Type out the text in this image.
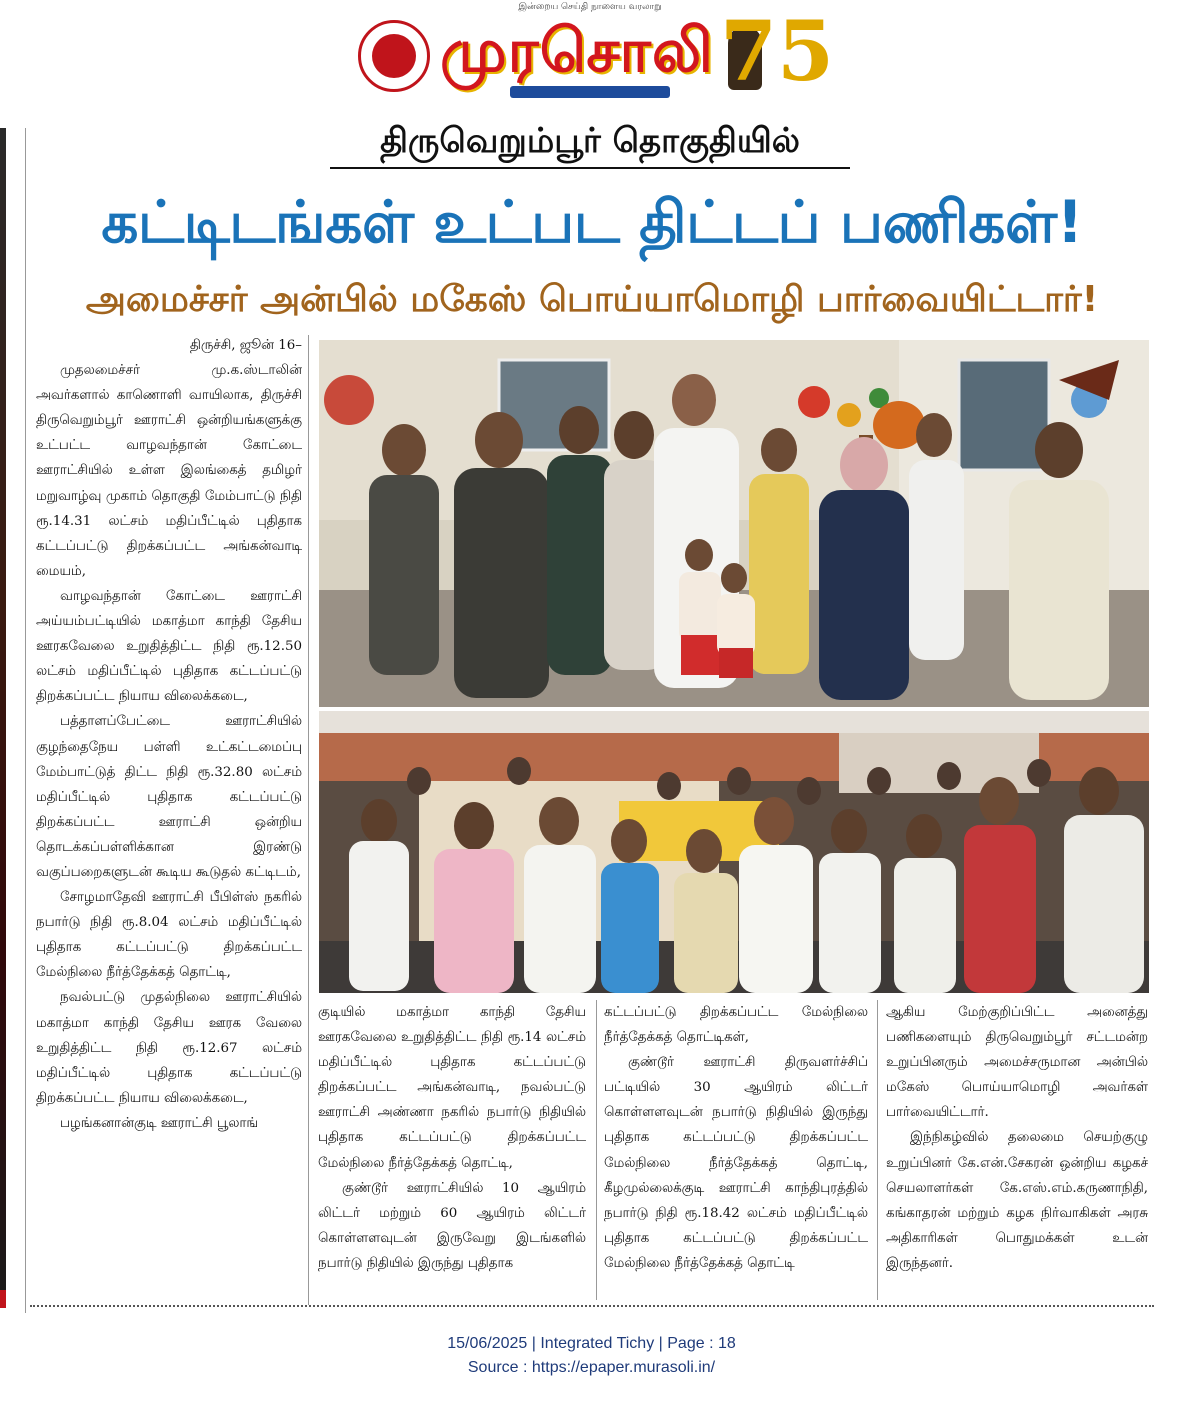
இன்றைய செய்தி நாளைய வரலாறு
முரசொலி 75
திருவெறும்பூர் தொகுதியில்
கட்டிடங்கள் உட்பட திட்டப் பணிகள்!
அமைச்சர் அன்பில் மகேஸ் பொய்யாமொழி பார்வையிட்டார்!

திருச்சி, ஜூன் 16–

முதலமைச்சர் மு.க.ஸ்டாலின் அவர்களால் காணொளி வாயிலாக, திருச்சி திருவெறும்பூர் ஊராட்சி ஒன்றியங்களுக்கு உட்பட்ட வாழவந்தான் கோட்டை ஊராட்சியில் உள்ள இலங்கைத் தமிழர் மறுவாழ்வு முகாம் தொகுதி மேம்பாட்டு நிதி ரூ.14.31 லட்சம் மதிப்பீட்டில் புதிதாக கட்டப்பட்டு திறக்கப்பட்ட அங்கன்வாடி மையம்,

வாழவந்தான் கோட்டை ஊராட்சி அய்யம்பட்டியில் மகாத்மா காந்தி தேசிய ஊரகவேலை உறுதித்திட்ட நிதி ரூ.12.50 லட்சம் மதிப்பீட்டில் புதிதாக கட்டப்பட்டு திறக்கப்பட்ட நியாய விலைக்கடை,

பத்தாளப்பேட்டை ஊராட்சியில் குழந்தைநேய பள்ளி உட்கட்டமைப்பு மேம்பாட்டுத் திட்ட நிதி ரூ.32.80 லட்சம் மதிப்பீட்டில் புதிதாக கட்டப்பட்டு திறக்கப்பட்ட ஊராட்சி ஒன்றிய தொடக்கப்பள்ளிக்கான இரண்டு வகுப்பறைகளுடன் கூடிய கூடுதல் கட்டிடம்,

சோழமாதேவி ஊராட்சி பீபிள்ஸ் நகரில் நபார்டு நிதி ரூ.8.04 லட்சம் மதிப்பீட்டில் புதிதாக கட்டப்பட்டு திறக்கப்பட்ட மேல்நிலை நீர்த்தேக்கத் தொட்டி,

நவல்பட்டு முதல்நிலை ஊராட்சியில் மகாத்மா காந்தி தேசிய ஊரக வேலை உறுதித்திட்ட நிதி ரூ.12.67 லட்சம் மதிப்பீட்டில் புதிதாக கட்டப்பட்டு திறக்கப்பட்ட நியாய விலைக்கடை,

பழங்கனான்குடி ஊராட்சி பூலாங்

குடியில் மகாத்மா காந்தி தேசிய ஊரகவேலை உறுதித்திட்ட நிதி ரூ.14 லட்சம் மதிப்பீட்டில் புதிதாக கட்டப்பட்டு திறக்கப்பட்ட அங்கன்வாடி, நவல்பட்டு ஊராட்சி அண்ணா நகரில் நபார்டு நிதியில் புதிதாக கட்டப்பட்டு திறக்கப்பட்ட மேல்நிலை நீர்த்தேக்கத் தொட்டி,

குண்டூர் ஊராட்சியில் 10 ஆயிரம் லிட்டர் மற்றும் 60 ஆயிரம் லிட்டர் கொள்ளளவுடன் இருவேறு இடங்களில் நபார்டு நிதியில் இருந்து புதிதாக

கட்டப்பட்டு திறக்கப்பட்ட மேல்நிலை நீர்த்தேக்கத் தொட்டிகள்,

குண்டூர் ஊராட்சி திருவளர்ச்சிப் பட்டியில் 30 ஆயிரம் லிட்டர் கொள்ளளவுடன் நபார்டு நிதியில் இருந்து புதிதாக கட்டப்பட்டு திறக்கப்பட்ட மேல்நிலை நீர்த்தேக்கத் தொட்டி, கீழமுல்லைக்குடி ஊராட்சி காந்திபுரத்தில் நபார்டு நிதி ரூ.18.42 லட்சம் மதிப்பீட்டில் புதிதாக கட்டப்பட்டு திறக்கப்பட்ட மேல்நிலை நீர்த்தேக்கத் தொட்டி

ஆகிய மேற்குறிப்பிட்ட அனைத்து பணிகளையும் திருவெறும்பூர் சட்டமன்ற உறுப்பினரும் அமைச்சருமான அன்பில் மகேஸ் பொய்யாமொழி அவர்கள் பார்வையிட்டார்.

இந்நிகழ்வில் தலைமை செயற்குழு உறுப்பினர் கே.என்.சேகரன் ஒன்றிய கழகச் செயலாளர்கள் கே.எஸ்.எம்.கருணாநிதி, கங்காதரன் மற்றும் கழக நிர்வாகிகள் அரசு அதிகாரிகள் பொதுமக்கள் உடன் இருந்தனர்.

15/06/2025 | Integrated Tichy | Page : 18
Source : https://epaper.murasoli.in/
